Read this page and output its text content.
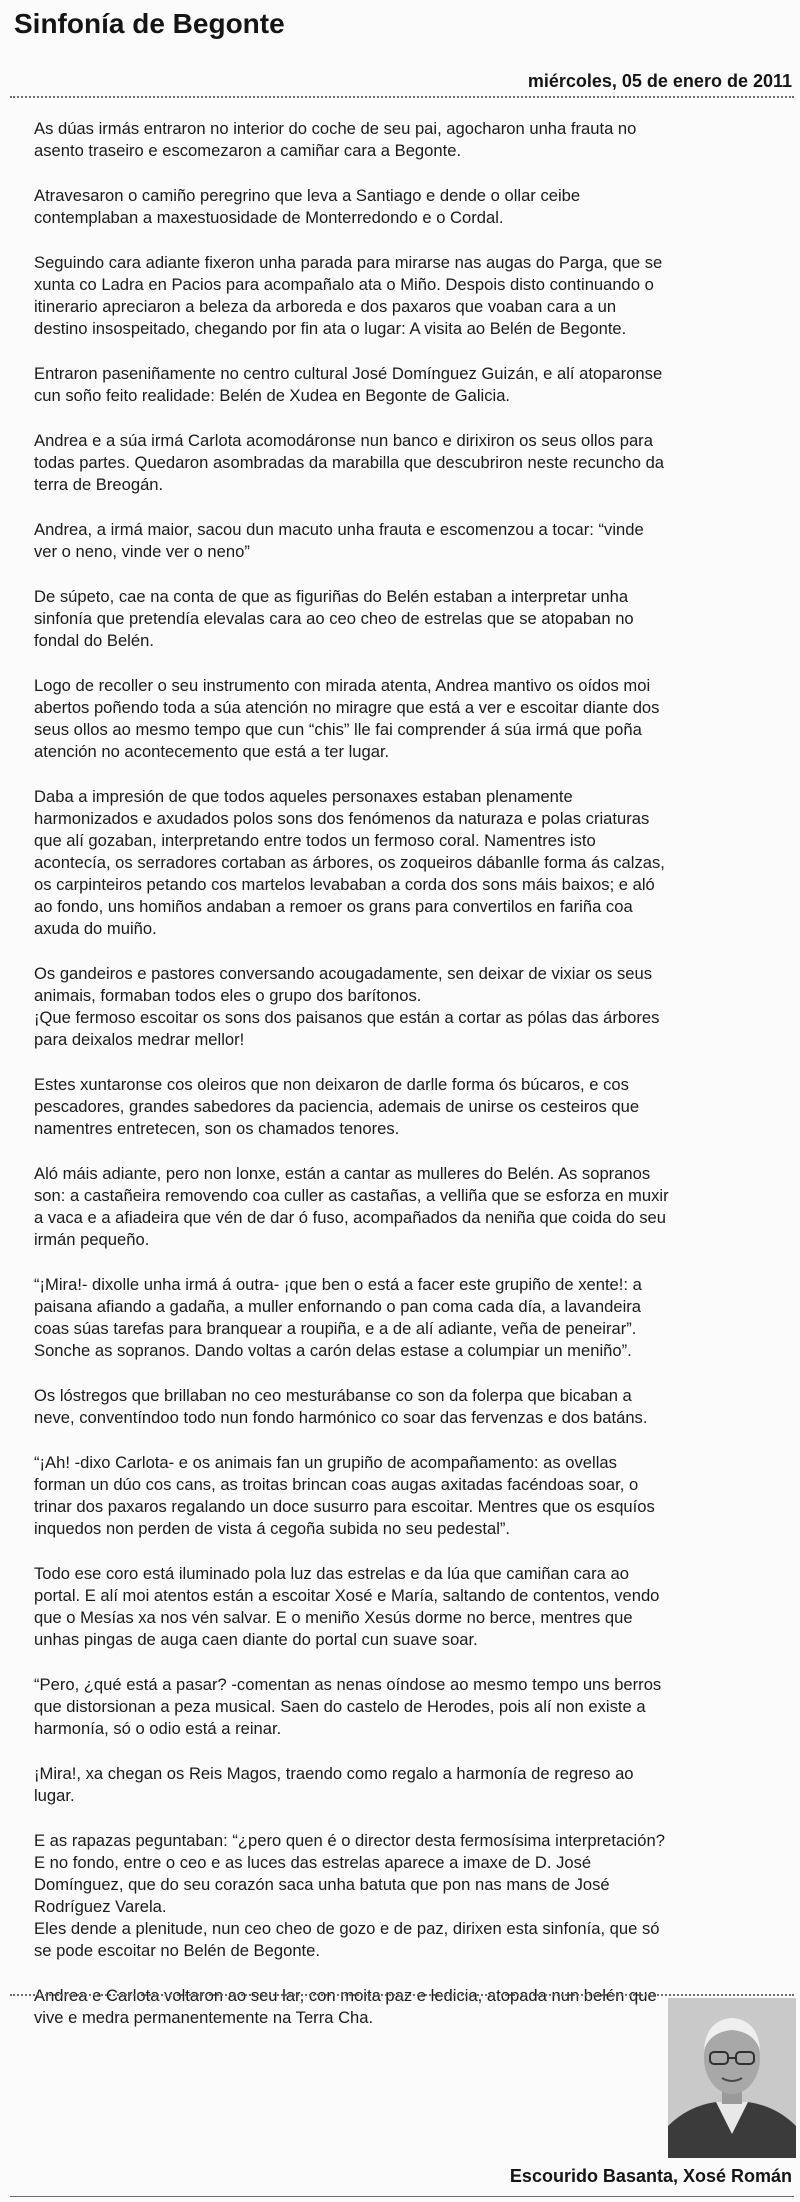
Sinfonía de Begonte
miércoles, 05 de enero de 2011

As dúas irmás entraron no interior do coche de seu pai, agocharon unha frauta no
asento traseiro e escomezaron a camiñar cara a Begonte.

Atravesaron o camiño peregrino que leva a Santiago e dende o ollar ceibe
contemplaban a maxestuosidade de Monterredondo e o Cordal.

Seguindo cara adiante fixeron unha parada para mirarse nas augas do Parga, que se
xunta co Ladra en Pacios para acompañalo ata o Miño. Despois disto continuando o
itinerario apreciaron a beleza da arboreda e dos paxaros que voaban cara a un
destino insospeitado, chegando por fin ata o lugar: A visita ao Belén de Begonte.

Entraron paseniñamente no centro cultural José Domínguez Guizán, e alí atoparonse
cun soño feito realidade: Belén de Xudea en Begonte de Galicia.

Andrea e a súa irmá Carlota acomodáronse nun banco e dirixiron os seus ollos para
todas partes. Quedaron asombradas da marabilla que descubriron neste recuncho da
terra de Breogán.

Andrea, a irmá maior, sacou dun macuto unha frauta e escomenzou a tocar: “vinde
ver o neno, vinde ver o neno”

De súpeto, cae na conta de que as figuriñas do Belén estaban a interpretar unha
sinfonía que pretendía elevalas cara ao ceo cheo de estrelas que se atopaban no
fondal do Belén.

Logo de recoller o seu instrumento con mirada atenta, Andrea mantivo os oídos moi
abertos poñendo toda a súa atención no miragre que está a ver e escoitar diante dos
seus ollos ao mesmo tempo que cun “chis” lle fai comprender á súa irmá que poña
atención no acontecemento que está a ter lugar.

Daba a impresión de que todos aqueles personaxes estaban plenamente
harmonizados e axudados polos sons dos fenómenos da naturaza e polas criaturas
que alí gozaban, interpretando entre todos un fermoso coral. Namentres isto
acontecía, os serradores cortaban as árbores, os zoqueiros dábanlle forma ás calzas,
os carpinteiros petando cos martelos levababan a corda dos sons máis baixos; e aló
ao fondo, uns homiños andaban a remoer os grans para convertilos en fariña coa
axuda do muiño.

Os gandeiros e pastores conversando acougadamente, sen deixar de vixiar os seus
animais, formaban todos eles o grupo dos barítonos.
¡Que fermoso escoitar os sons dos paisanos que están a cortar as pólas das árbores
para deixalos medrar mellor!

Estes xuntaronse cos oleiros que non deixaron de darlle forma ós búcaros, e cos
pescadores, grandes sabedores da paciencia, ademais de unirse os cesteiros que
namentres entretecen, son os chamados tenores.

Aló máis adiante, pero non lonxe, están a cantar as mulleres do Belén. As sopranos
son: a castañeira removendo coa culler as castañas, a velliña que se esforza en muxir
a vaca e a afiadeira que vén de dar ó fuso, acompañados da neniña que coida do seu
irmán pequeño.

“¡Mira!- dixolle unha irmá á outra- ¡que ben o está a facer este grupiño de xente!: a
paisana afiando a gadaña, a muller enfornando o pan coma cada día, a lavandeira
coas súas tarefas para branquear a roupiña, e a de alí adiante, veña de peneirar”.
Sonche as sopranos. Dando voltas a carón delas estase a columpiar un meniño”.

Os lóstregos que brillaban no ceo mesturábanse co son da folerpa que bicaban a
neve, conventíndoo todo nun fondo harmónico co soar das fervenzas e dos batáns.

“¡Ah! -dixo Carlota- e os animais fan un grupiño de acompañamento: as ovellas
forman un dúo cos cans, as troitas brincan coas augas axitadas facéndoas soar, o
trinar dos paxaros regalando un doce susurro para escoitar. Mentres que os esquíos
inquedos non perden de vista á cegoña subida no seu pedestal”.

Todo ese coro está iluminado pola luz das estrelas e da lúa que camiñan cara ao
portal. E alí moi atentos están a escoitar Xosé e María, saltando de contentos, vendo
que o Mesías xa nos vén salvar. E o meniño Xesús dorme no berce, mentres que
unhas pingas de auga caen diante do portal cun suave soar.

“Pero, ¿qué está a pasar? -comentan as nenas oíndose ao mesmo tempo uns berros
que distorsionan a peza musical. Saen do castelo de Herodes, pois alí non existe a
harmonía, só o odio está a reinar.

¡Mira!, xa chegan os Reis Magos, traendo como regalo a harmonía de regreso ao
lugar.

E as rapazas peguntaban: “¿pero quen é o director desta fermosísima interpretación?
E no fondo, entre o ceo e as luces das estrelas aparece a imaxe de D. José
Domínguez, que do seu corazón saca unha batuta que pon nas mans de José
Rodríguez Varela.
Eles dende a plenitude, nun ceo cheo de gozo e de paz, dirixen esta sinfonía, que só
se pode escoitar no Belén de Begonte.

Andrea e Carlota voltaron ao seu lar, con moita paz e ledicia, atopada nun belén que
vive e medra permanentemente na Terra Cha.

Escourido Basanta, Xosé Román
